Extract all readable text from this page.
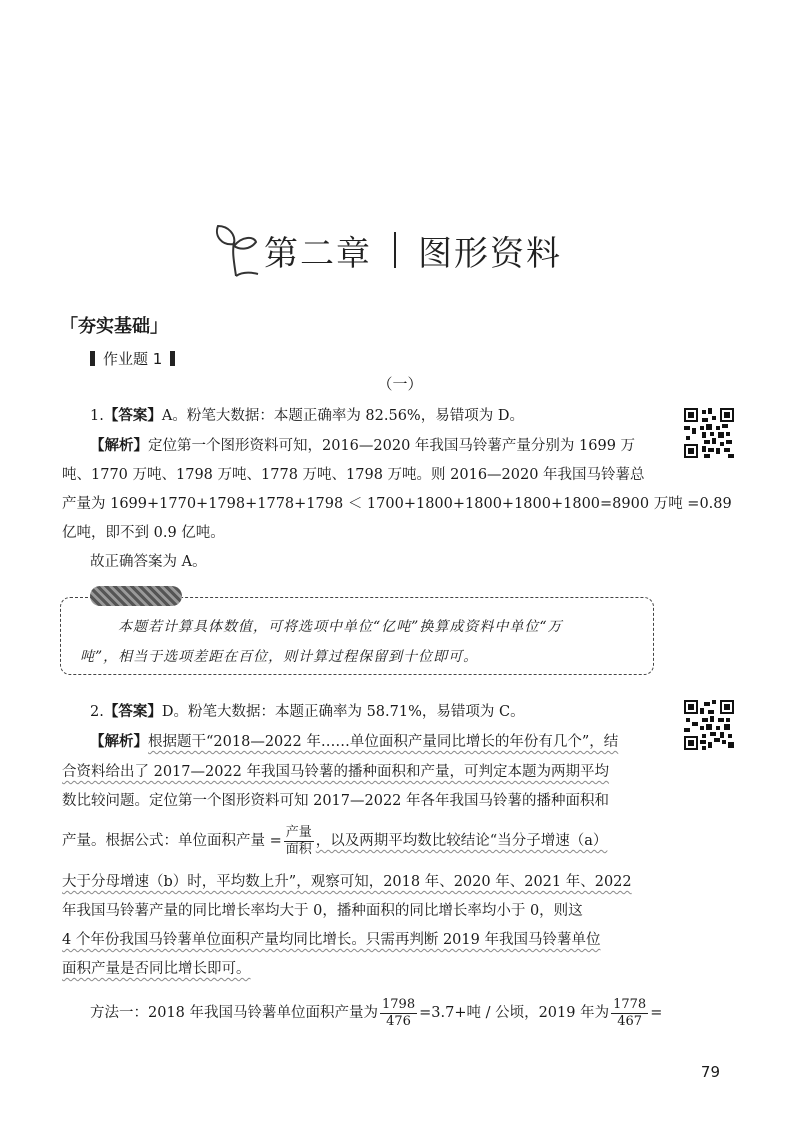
第二章 图形资料
「夯实基础」
作业题 1
（一）
1.【答案】A。粉笔大数据：本题正确率为 82.56%，易错项为 D。
【解析】定位第一个图形资料可知，2016—2020 年我国马铃薯产量分别为 1699 万
吨、1770 万吨、1798 万吨、1778 万吨、1798 万吨。则 2016—2020 年我国马铃薯总
产量为 1699+1770+1798+1778+1798 ＜ 1700+1800+1800+1800+1800=8900 万吨 =0.89
亿吨，即不到 0.9 亿吨。
故正确答案为 A。
本题若计算具体数值，可将选项中单位“亿吨”换算成资料中单位“万
吨”，相当于选项差距在百位，则计算过程保留到十位即可。
2.【答案】D。粉笔大数据：本题正确率为 58.71%，易错项为 C。
【解析】根据题干“2018—2022 年……单位面积产量同比增长的年份有几个”，结
合资料给出了 2017—2022 年我国马铃薯的播种面积和产量，可判定本题为两期平均
数比较问题。定位第一个图形资料可知 2017—2022 年各年我国马铃薯的播种面积和
产量。根据公式：单位面积产量 = $\frac{\text{产量}}{\text{面积}}$ ，以及两期平均数比较结论“当分子增速（a）
大于分母增速（b）时，平均数上升”，观察可知，2018 年、2020 年、2021 年、2022
年我国马铃薯产量的同比增长率均大于 0，播种面积的同比增长率均小于 0，则这
4 个年份我国马铃薯单位面积产量均同比增长。只需再判断 2019 年我国马铃薯单位
面积产量是否同比增长即可。
方法一：2018 年我国马铃薯单位面积产量为 $\frac{1798}{476} =3.7+$吨 / 公顷，2019 年为 $\frac{1778}{467}$ =
79
